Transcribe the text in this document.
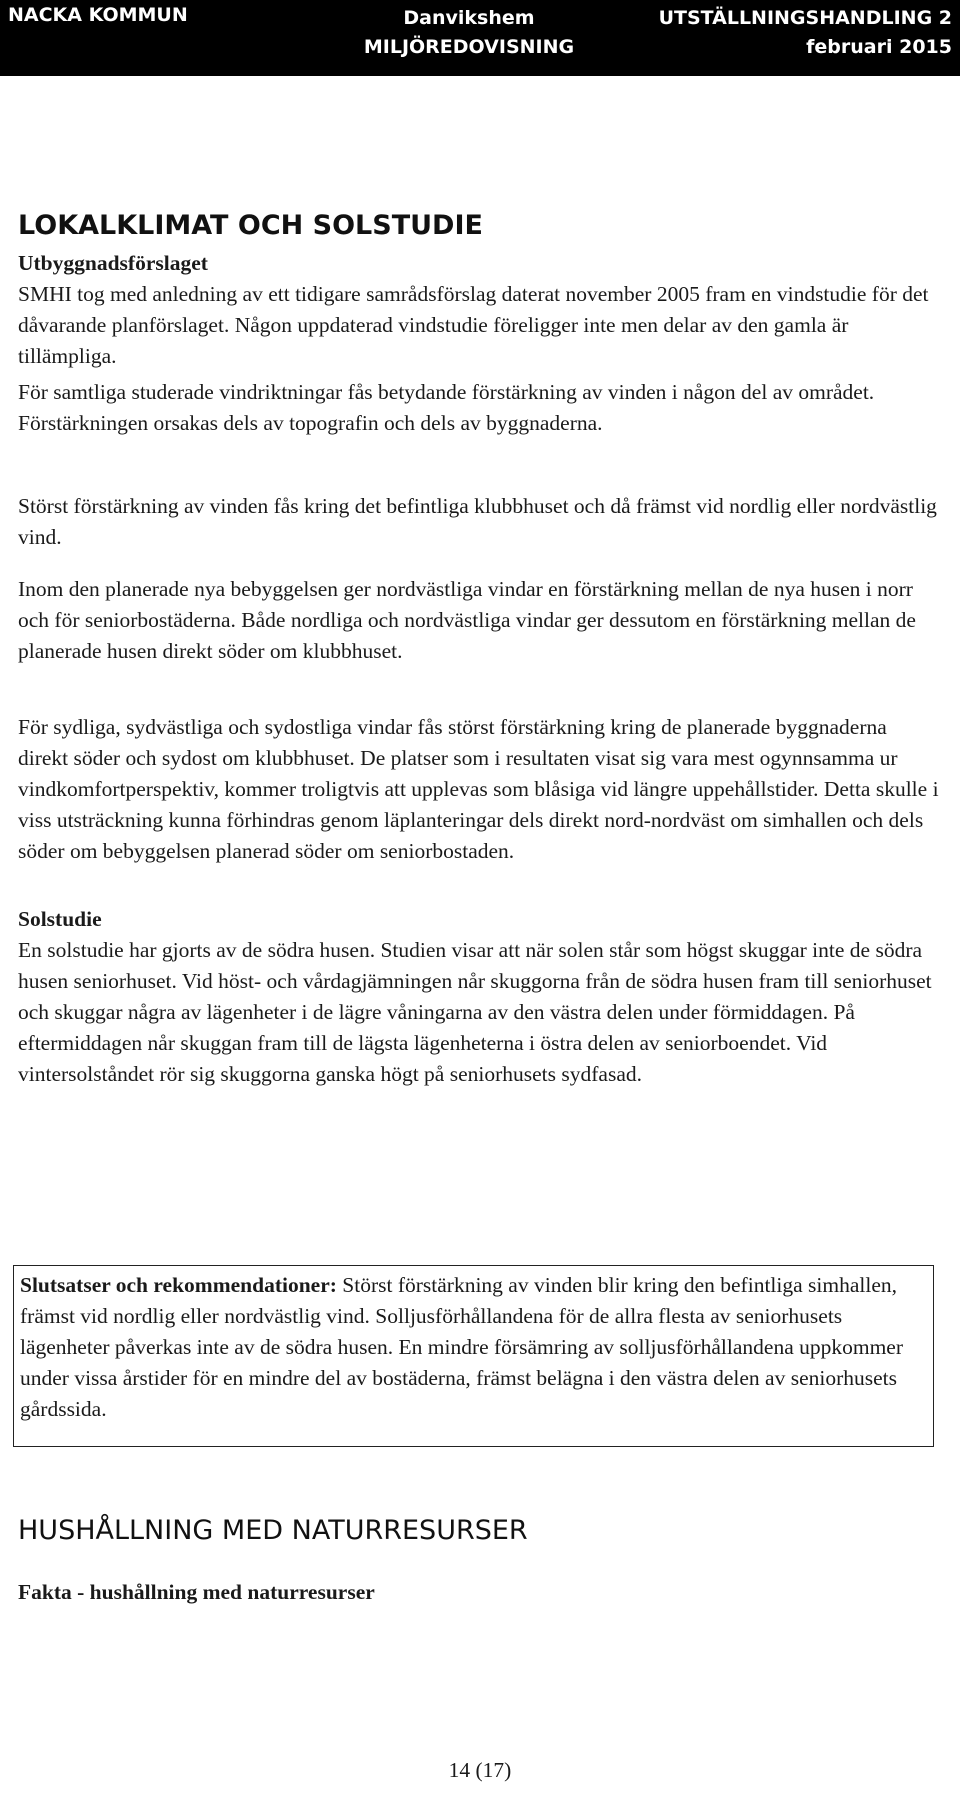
NACKA KOMMUN	Danvikshem
MILJÖREDOVISNING
UTSTÄLLNINGSHANDLING 2
februari 2015
LOKALKLIMAT OCH SOLSTUDIE
Utbyggnadsförslaget

SMHI tog med anledning av ett tidigare samrådsförslag daterat november 2005 fram en vindstudie för det dåvarande planförslaget. Någon uppdaterad vindstudie föreligger inte men delar av den gamla är tillämpliga.

För samtliga studerade vindriktningar fås betydande förstärkning av vinden i någon del av området. Förstärkningen orsakas dels av topografin och dels av byggnaderna.

Störst förstärkning av vinden fås kring det befintliga klubbhuset och då främst vid nordlig eller nordvästlig vind.

Inom den planerade nya bebyggelsen ger nordvästliga vindar en förstärkning mellan de nya husen i norr och för seniorbostäderna. Både nordliga och nordvästliga vindar ger dessutom en förstärkning mellan de planerade husen direkt söder om klubbhuset.

För sydliga, sydvästliga och sydostliga vindar fås störst förstärkning kring de planerade byggnaderna direkt söder och sydost om klubbhuset. De platser som i resultaten visat sig vara mest ogynnsamma ur vindkomfortperspektiv, kommer troligtvis att upplevas som blåsiga vid längre uppehållstider. Detta skulle i viss utsträckning kunna förhindras genom läplanteringar dels direkt nord-nordväst om simhallen och dels söder om bebyggelsen planerad söder om seniorbostaden.

Solstudie

En solstudie har gjorts av de södra husen. Studien visar att när solen står som högst skuggar inte de södra husen seniorhuset. Vid höst- och vårdagjämningen når skuggorna från de södra husen fram till seniorhuset och skuggar några av lägenheter i de lägre våningarna av den västra delen under förmiddagen. På eftermiddagen når skuggan fram till de lägsta lägenheterna i östra delen av seniorboendet. Vid vintersolståndet rör sig skuggorna ganska högt på seniorhusets sydfasad.

Slutsatser och rekommendationer: Störst förstärkning av vinden blir kring den befintliga simhallen, främst vid nordlig eller nordvästlig vind. Solljusförhållandena för de allra flesta av seniorhusets lägenheter påverkas inte av de södra husen. En mindre försämring av solljusförhållandena uppkommer under vissa årstider för en mindre del av bostäderna, främst belägna i den västra delen av seniorhusets gårdssida.
HUSHÅLLNING MED NATURRESURSER
Fakta - hushållning med naturresurser
14 (17)
